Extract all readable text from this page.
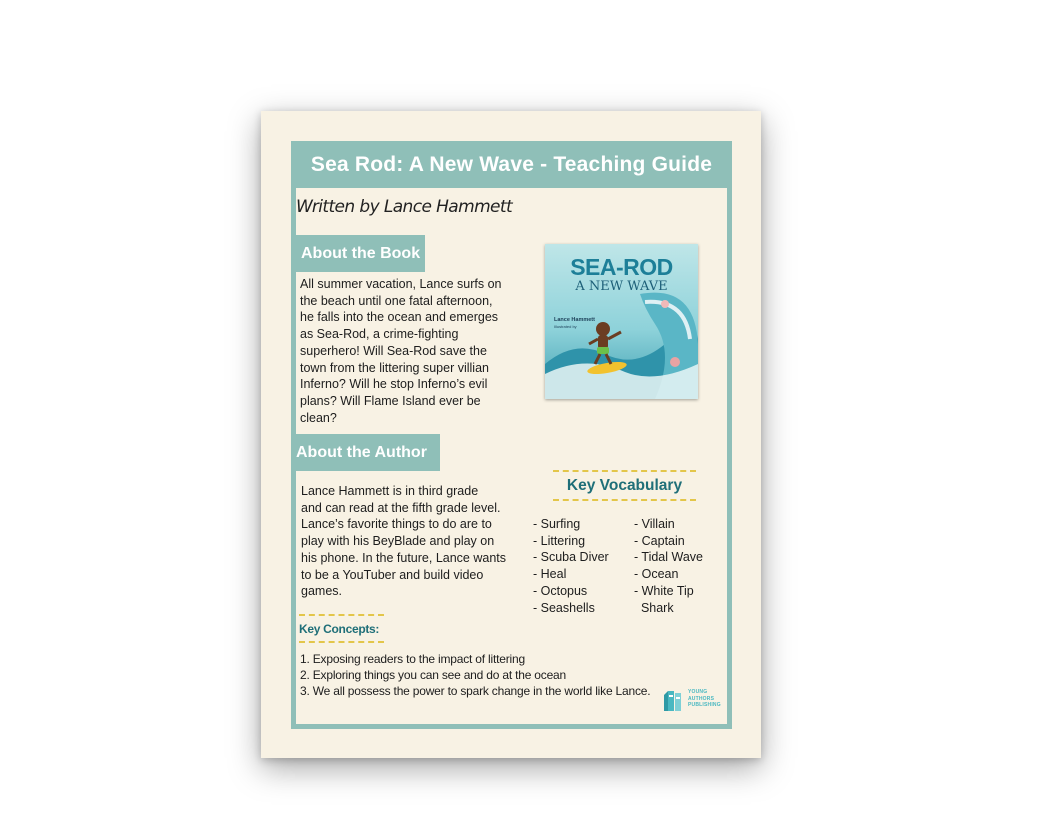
Sea Rod: A New Wave - Teaching Guide
Written by Lance Hammett
About the Book

All summer vacation, Lance surfs on

the beach until one fatal afternoon,

he falls into the ocean and emerges

as Sea-Rod, a crime-fighting

superhero! Will Sea-Rod save the

town from the littering super villian

Inferno? Will he stop Inferno’s evil

plans? Will Flame Island ever be

clean?

SEA-ROD
A NEW WAVE
Lance Hammett
Illustrated by
About the Author

Lance Hammett is in third grade

and can read at the fifth grade level.

Lance’s favorite things to do are to

play with his BeyBlade and play on

his phone. In the future, Lance wants

to be a YouTuber and build video

games.

Key Vocabulary
- Surfing
- Littering
- Scuba Diver
- Heal
- Octopus
- Seashells
- Villain
- Captain
- Tidal Wave
- Ocean
- White Tip
Shark
Key Concepts:
1. Exposing readers to the impact of littering
2. Exploring things you can see and do at the ocean
3. We all possess the power to spark change in the world like Lance.	YOUNG
AUTHORS
PUBLISHING
